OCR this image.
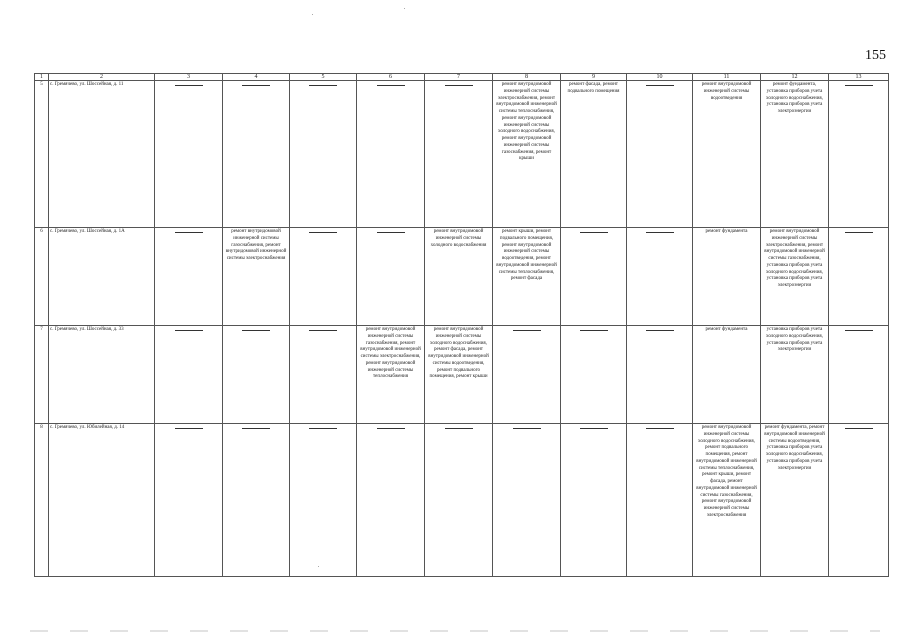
155
1	2	3	4	5	6	7	8	9	10	11	12	13
5	с. Гремячево, ул. Шоссейная, д. 11						ремонт внутридомовой инженерной системы электроснабжения, ремонт внутридомовой инженерной системы теплоснабжения, ремонт внутридомовой инженерной системы холодного водоснабжения, ремонт внутридомовой инженерной системы газоснабжения, ремонт крыши	ремонт фасада, ремонт подвального помещения		ремонт внутридомовой инженерной системы водоотведения	ремонт фундамента, установка приборов учета холодного водоснабжения, установка приборов учета электроэнергии	

6	с. Гремячево, ул. Шоссейная, д. 1А		ремонт внутридомовой инженерной системы газоснабжения, ремонт внутридомовой инженерной системы электроснабжения			ремонт внутридомовой инженерной системы холодного водоснабжения	ремонт крыши, ремонт подвального помещения, ремонт внутридомовой инженерной системы водоотведения, ремонт внутридомовой инженерной системы теплоснабжения, ремонт фасада			ремонт фундамента	ремонт внутридомовой инженерной системы электроснабжения, ремонт внутридомовой инженерной системы газоснабжения, установка приборов учета холодного водоснабжения, установка приборов учета электроэнергии	

7	с. Гремячево, ул. Шоссейная, д. 33				ремонт внутридомовой инженерной системы газоснабжения, ремонт внутридомовой инженерной системы электроснабжения, ремонт внутридомовой инженерной системы теплоснабжения	ремонт внутридомовой инженерной системы холодного водоснабжения, ремонт фасада, ремонт внутридомовой инженерной системы водоотведения, ремонт подвального помещения, ремонт крыши				ремонт фундамента	установка приборов учета холодного водоснабжения, установка приборов учета электроэнергии	

8	с. Гремячево, ул. Юбилейная, д. 14									ремонт внутридомовой инженерной системы холодного водоснабжения, ремонт подвального помещения, ремонт внутридомовой инженерной системы теплоснабжения, ремонт крыши, ремонт фасада, ремонт внутридомовой инженерной системы газоснабжения, ремонт внутридомовой инженерной системы электроснабжения	ремонт фундамента, ремонт внутридомовой инженерной системы водоотведения, установка приборов учета холодного водоснабжения, установка приборов учета электроэнергии	
